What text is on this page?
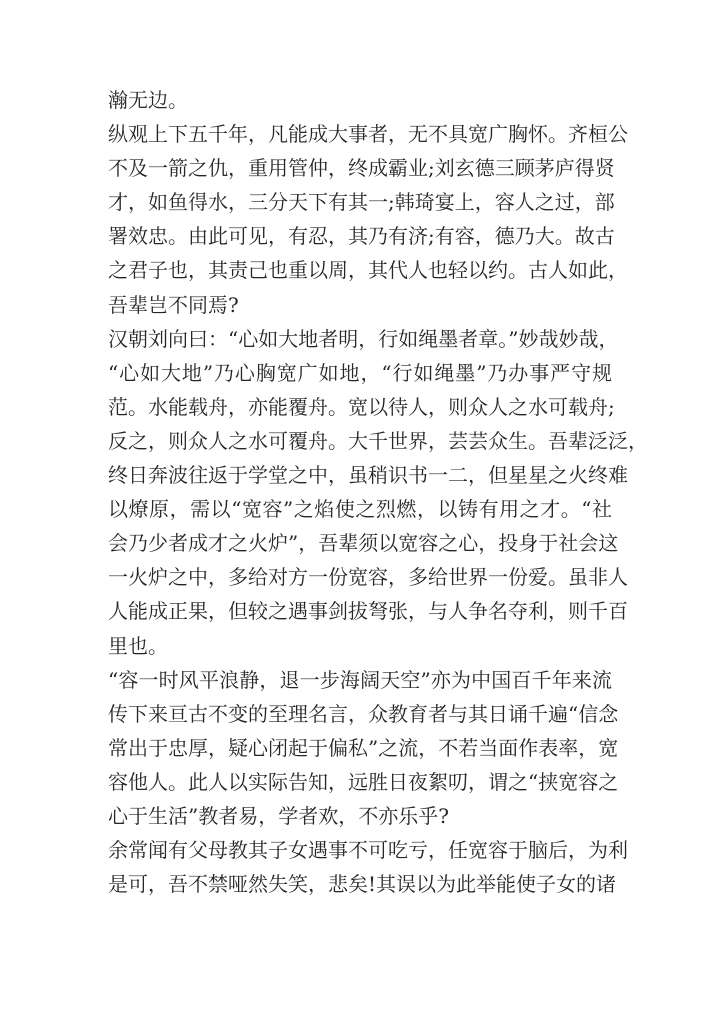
瀚无边。
纵观上下五千年，凡能成大事者，无不具宽广胸怀。齐桓公
不及一箭之仇，重用管仲，终成霸业;刘玄德三顾茅庐得贤
才，如鱼得水，三分天下有其一;韩琦宴上，容人之过，部
署效忠。由此可见，有忍，其乃有济;有容，德乃大。故古
之君子也，其责己也重以周，其代人也轻以约。古人如此，
吾辈岂不同焉?
汉朝刘向曰：“心如大地者明，行如绳墨者章。”妙哉妙哉，
“心如大地”乃心胸宽广如地，“行如绳墨”乃办事严守规
范。水能载舟，亦能覆舟。宽以待人，则众人之水可载舟;
反之，则众人之水可覆舟。大千世界，芸芸众生。吾辈泛泛，
终日奔波往返于学堂之中，虽稍识书一二，但星星之火终难
以燎原，需以“宽容”之焰使之烈燃，以铸有用之才。“社
会乃少者成才之火炉”，吾辈须以宽容之心，投身于社会这
一火炉之中，多给对方一份宽容，多给世界一份爱。虽非人
人能成正果，但较之遇事剑拔弩张，与人争名夺利，则千百
里也。
“容一时风平浪静，退一步海阔天空”亦为中国百千年来流
传下来亘古不变的至理名言，众教育者与其日诵千遍“信念
常出于忠厚，疑心闭起于偏私”之流，不若当面作表率，宽
容他人。此人以实际告知，远胜日夜絮叨，谓之“挟宽容之
心于生活”教者易，学者欢，不亦乐乎?
余常闻有父母教其子女遇事不可吃亏，任宽容于脑后，为利
是可，吾不禁哑然失笑，悲矣!其误以为此举能使子女的诸
